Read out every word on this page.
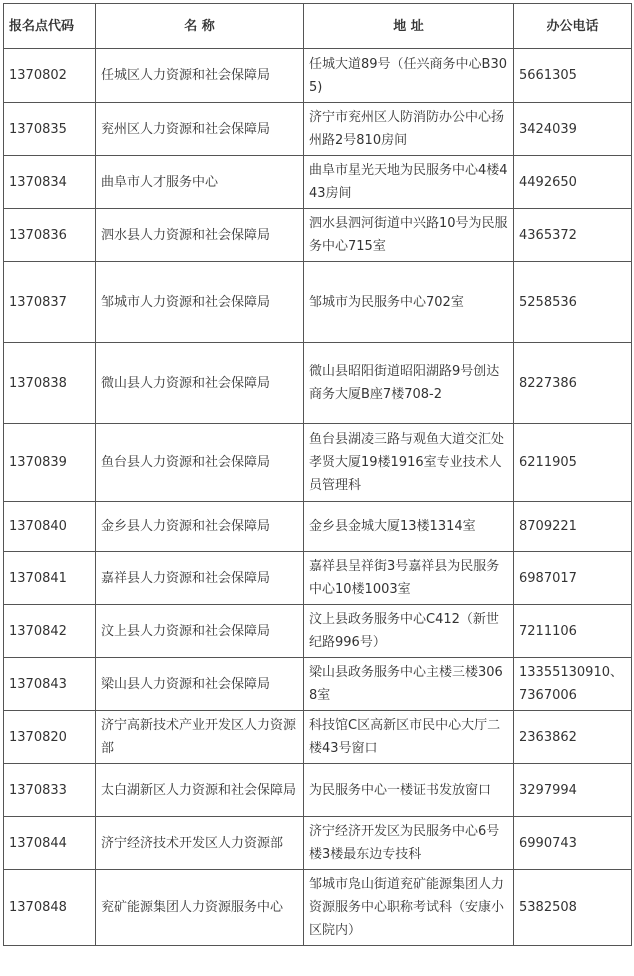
报名点代码	名 称	地 址	办公电话
1370802	任城区人力资源和社会保障局	任城大道89号（任兴商务中心B305)	5661305
1370835	兖州区人力资源和社会保障局	济宁市兖州区人防消防办公中心扬州路2号810房间	3424039
1370834	曲阜市人才服务中心	曲阜市星光天地为民服务中心4楼443房间	4492650
1370836	泗水县人力资源和社会保障局	泗水县泗河街道中兴路10号为民服务中心715室	4365372
1370837	邹城市人力资源和社会保障局	邹城市为民服务中心702室	5258536
1370838	微山县人力资源和社会保障局	微山县昭阳街道昭阳湖路9号创达商务大厦B座7楼708-2	8227386
1370839	鱼台县人力资源和社会保障局	鱼台县湖凌三路与观鱼大道交汇处孝贤大厦19楼1916室专业技术人员管理科	6211905
1370840	金乡县人力资源和社会保障局	金乡县金城大厦13楼1314室	8709221
1370841	嘉祥县人力资源和社会保障局	嘉祥县呈祥街3号嘉祥县为民服务中心10楼1003室	6987017
1370842	汶上县人力资源和社会保障局	汶上县政务服务中心C412（新世纪路996号）	7211106
1370843	梁山县人力资源和社会保障局	梁山县政务服务中心主楼三楼3068室	13355130910、7367006
1370820	济宁高新技术产业开发区人力资源部	科技馆C区高新区市民中心大厅二楼43号窗口	2363862
1370833	太白湖新区人力资源和社会保障局	为民服务中心一楼证书发放窗口	3297994
1370844	济宁经济技术开发区人力资源部	济宁经济开发区为民服务中心6号楼3楼最东边专技科	6990743
1370848	兖矿能源集团人力资源服务中心	邹城市凫山街道兖矿能源集团人力资源服务中心职称考试科（安康小区院内）	5382508
